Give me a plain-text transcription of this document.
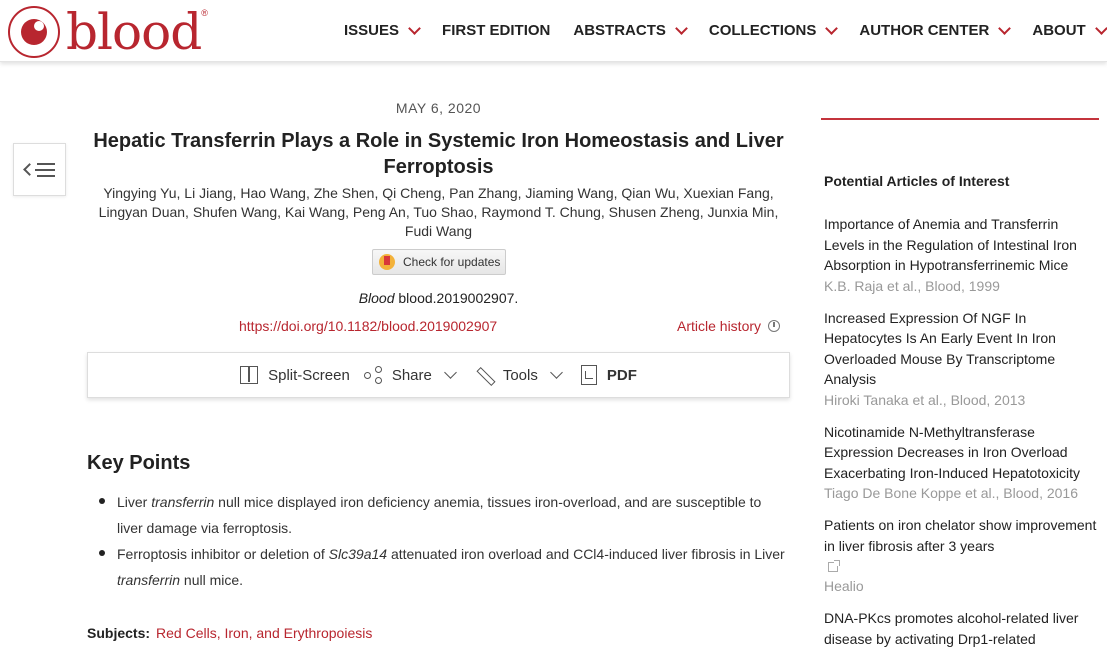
blood ®
ISSUES	FIRST EDITION ABSTRACTS	COLLECTIONS	AUTHOR CENTER	ABOUT
MAY 6, 2020
Hepatic Transferrin Plays a Role in Systemic Iron Homeostasis and Liver Ferroptosis
Yingying Yu, Li Jiang, Hao Wang, Zhe Shen, Qi Cheng, Pan Zhang, Jiaming Wang, Qian Wu, Xuexian Fang, Lingyan Duan, Shufen Wang, Kai Wang, Peng An, Tuo Shao, Raymond T. Chung, Shusen Zheng, Junxia Min, Fudi Wang
Check for updates
Blood blood.2019002907.
https://doi.org/10.1182/blood.2019002907	Article history
Split-Screen	Share	Tools	PDF
Key Points
Liver transferrin null mice displayed iron deficiency anemia, tissues iron-overload, and are susceptible to liver damage via ferroptosis.
Ferroptosis inhibitor or deletion of Slc39a14 attenuated iron overload and CCl4-induced liver fibrosis in Liver transferrin null mice.
Subjects: Red Cells, Iron, and Erythropoiesis
Potential Articles of Interest
Importance of Anemia and Transferrin Levels in the Regulation of Intestinal Iron Absorption in Hypotransferrinemic Mice
K.B. Raja et al., Blood, 1999
Increased Expression Of NGF In Hepatocytes Is An Early Event In Iron Overloaded Mouse By Transcriptome Analysis
Hiroki Tanaka et al., Blood, 2013
Nicotinamide N-Methyltransferase Expression Decreases in Iron Overload Exacerbating Iron-Induced Hepatotoxicity
Tiago De Bone Koppe et al., Blood, 2016
Patients on iron chelator show improvement in liver fibrosis after 3 years
Healio
DNA-PKcs promotes alcohol-related liver disease by activating Drp1-related
